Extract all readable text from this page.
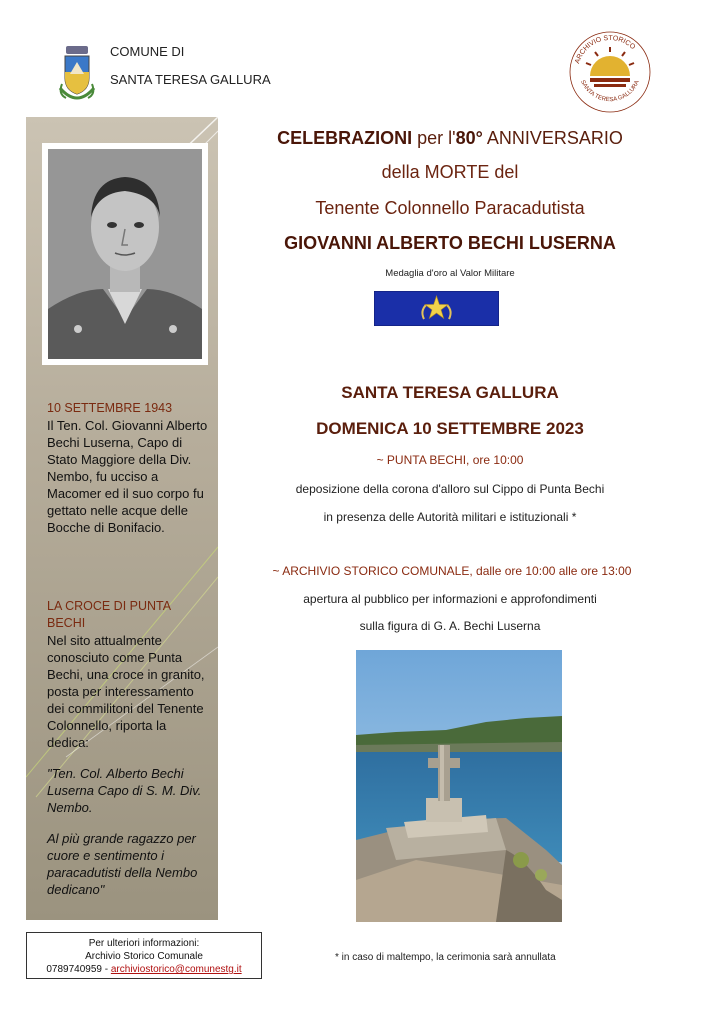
COMUNE DI
SANTA TERESA GALLURA
ARCHIVIO STORICO
SANTA TERESA GALLURA
10 SETTEMBRE 1943
Il Ten. Col. Giovanni Alberto Bechi Luserna, Capo di Stato Maggiore della Div. Nembo, fu ucciso a Macomer ed il suo corpo fu gettato nelle acque delle Bocche di Bonifacio.
LA CROCE DI PUNTA BECHI
Nel sito attualmente conosciuto come Punta Bechi, una croce in granito, posta per interessamento dei commilitoni del Tenente Colonnello, riporta la dedica:
"Ten. Col. Alberto Bechi Luserna Capo di S. M. Div. Nembo.
Al più grande ragazzo per cuore e sentimento i paracadutisti della Nembo dedicano"
Per ulteriori informazioni:
Archivio Storico Comunale
0789740959 - archiviostorico@comunestg.it
CELEBRAZIONI per l'80° ANNIVERSARIO
della MORTE del
Tenente Colonnello Paracadutista
GIOVANNI ALBERTO BECHI LUSERNA
Medaglia d'oro al Valor Militare
SANTA TERESA GALLURA
DOMENICA 10 SETTEMBRE 2023
~ PUNTA BECHI, ore 10:00
deposizione della corona d'alloro sul Cippo di Punta Bechi
in presenza delle Autorità militari e istituzionali *
~ ARCHIVIO STORICO COMUNALE, dalle ore 10:00 alle ore 13:00
apertura al pubblico per informazioni e approfondimenti
sulla figura di G. A. Bechi Luserna
* in caso di maltempo, la cerimonia sarà annullata
